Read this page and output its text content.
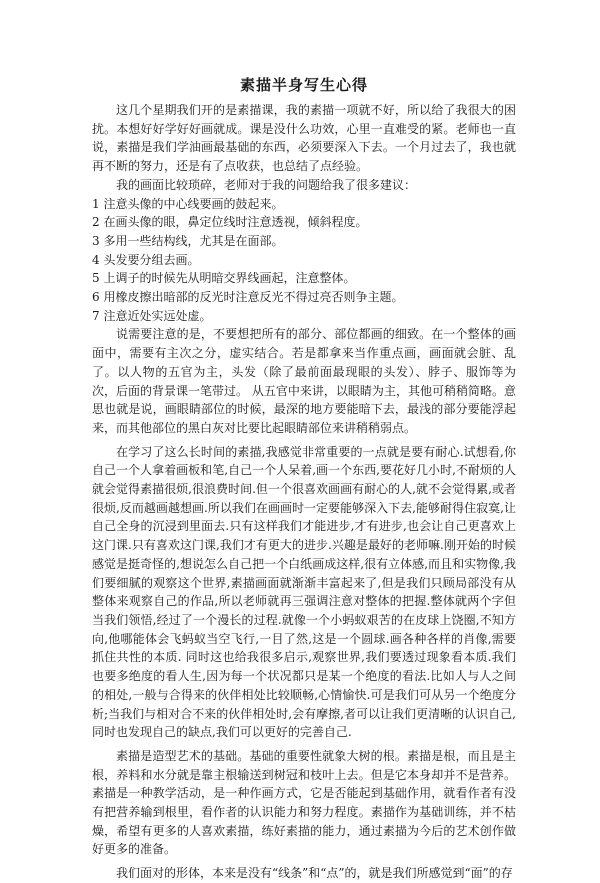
素描半身写生心得

这几个星期我们开的是素描课，我的素描一项就不好，所以给了我很大的困扰。本想好好学好好画就成。课是没什么功效，心里一直难受的紧。老师也一直说，素描是我们学油画最基础的东西，必须要深入下去。一个月过去了，我也就再不断的努力，还是有了点收获，也总结了点经验。

我的画面比较琐碎，老师对于我的问题给我了很多建议：

1 注意头像的中心线要画的鼓起来。
2 在画头像的眼，鼻定位线时注意透视，倾斜程度。
3 多用一些结构线，尤其是在面部。
4 头发要分组去画。
5 上调子的时候先从明暗交界线画起，注意整体。
6 用橡皮擦出暗部的反光时注意反光不得过亮否则争主题。
7 注意近处实远处虚。

说需要注意的是，不要想把所有的部分、部位都画的细致。在一个整体的画面中，需要有主次之分，虚实结合。若是都拿来当作重点画，画面就会脏、乱了。以人物的五官为主，头发（除了最前面最现眼的头发）、脖子、服饰等为次，后面的背景课一笔带过。 从五官中来讲，以眼睛为主，其他可稍稍简略。意思也就是说，画眼睛部位的时候，最深的地方要能暗下去，最浅的部分要能浮起来，而其他部位的黑白灰对比要比起眼睛部位来讲稍稍弱点。

在学习了这么长时间的素描,我感觉非常重要的一点就是要有耐心.试想看,你自己一个人拿着画板和笔,自己一个人呆着,画一个东西,要花好几小时,不耐烦的人就会觉得素描很烦,很浪费时间.但一个很喜欢画画有耐心的人,就不会觉得累,或者很烦,反而越画越想画.所以我们在画画时一定要能够深入下去,能够耐得住寂寞,让自己全身的沉浸到里面去.只有这样我们才能进步,才有进步,也会让自己更喜欢上这门课.只有喜欢这门课,我们才有更大的进步.兴趣是最好的老师嘛.刚开始的时候感觉是挺奇怪的,想说怎么自己把一个白纸画成这样,很有立体感,而且和实物像,我们要细腻的观察这个世界,素描画面就渐渐丰富起来了,但是我们只顾局部没有从整体来观察自己的作品,所以老师就再三强调注意对整体的把握.整体就两个字但当我们领悟,经过了一个漫长的过程.就像一个小蚂蚁艰苦的在皮球上饶圈,不知方向,他哪能体会飞蚂蚁当空飞行,一目了然,这是一个圆球.画各种各样的肖像,需要抓住共性的本质. 同时这也给我很多启示,观察世界,我们要透过现象看本质.我们也要多绝度的看人生,因为每一个状况都只是某一个绝度的看法.比如人与人之间的相处,一般与合得来的伙伴相处比较顺畅,心情愉快.可是我们可从另一个绝度分析;当我们与相对合不来的伙伴相处时,会有摩擦,者可以让我们更清晰的认识自己,同时也发现自己的缺点,我们可以更好的完善自己.

素描是造型艺术的基础。基础的重要性就象大树的根。素描是根，而且是主根，养料和水分就是靠主根输送到树冠和枝叶上去。但是它本身却并不是营养。素描是一种教学活动，是一种作画方式，它是否能起到基础作用，就看作者有没有把营养输到根里，看作者的认识能力和努力程度。素描作为基础训练，并不枯燥，希望有更多的人喜欢素描，练好素描的能力，通过素描为今后的艺术创作做好更多的准备。

我们面对的形体，本来是没有“线条”和“点”的，就是我们所感觉到“面”的存
